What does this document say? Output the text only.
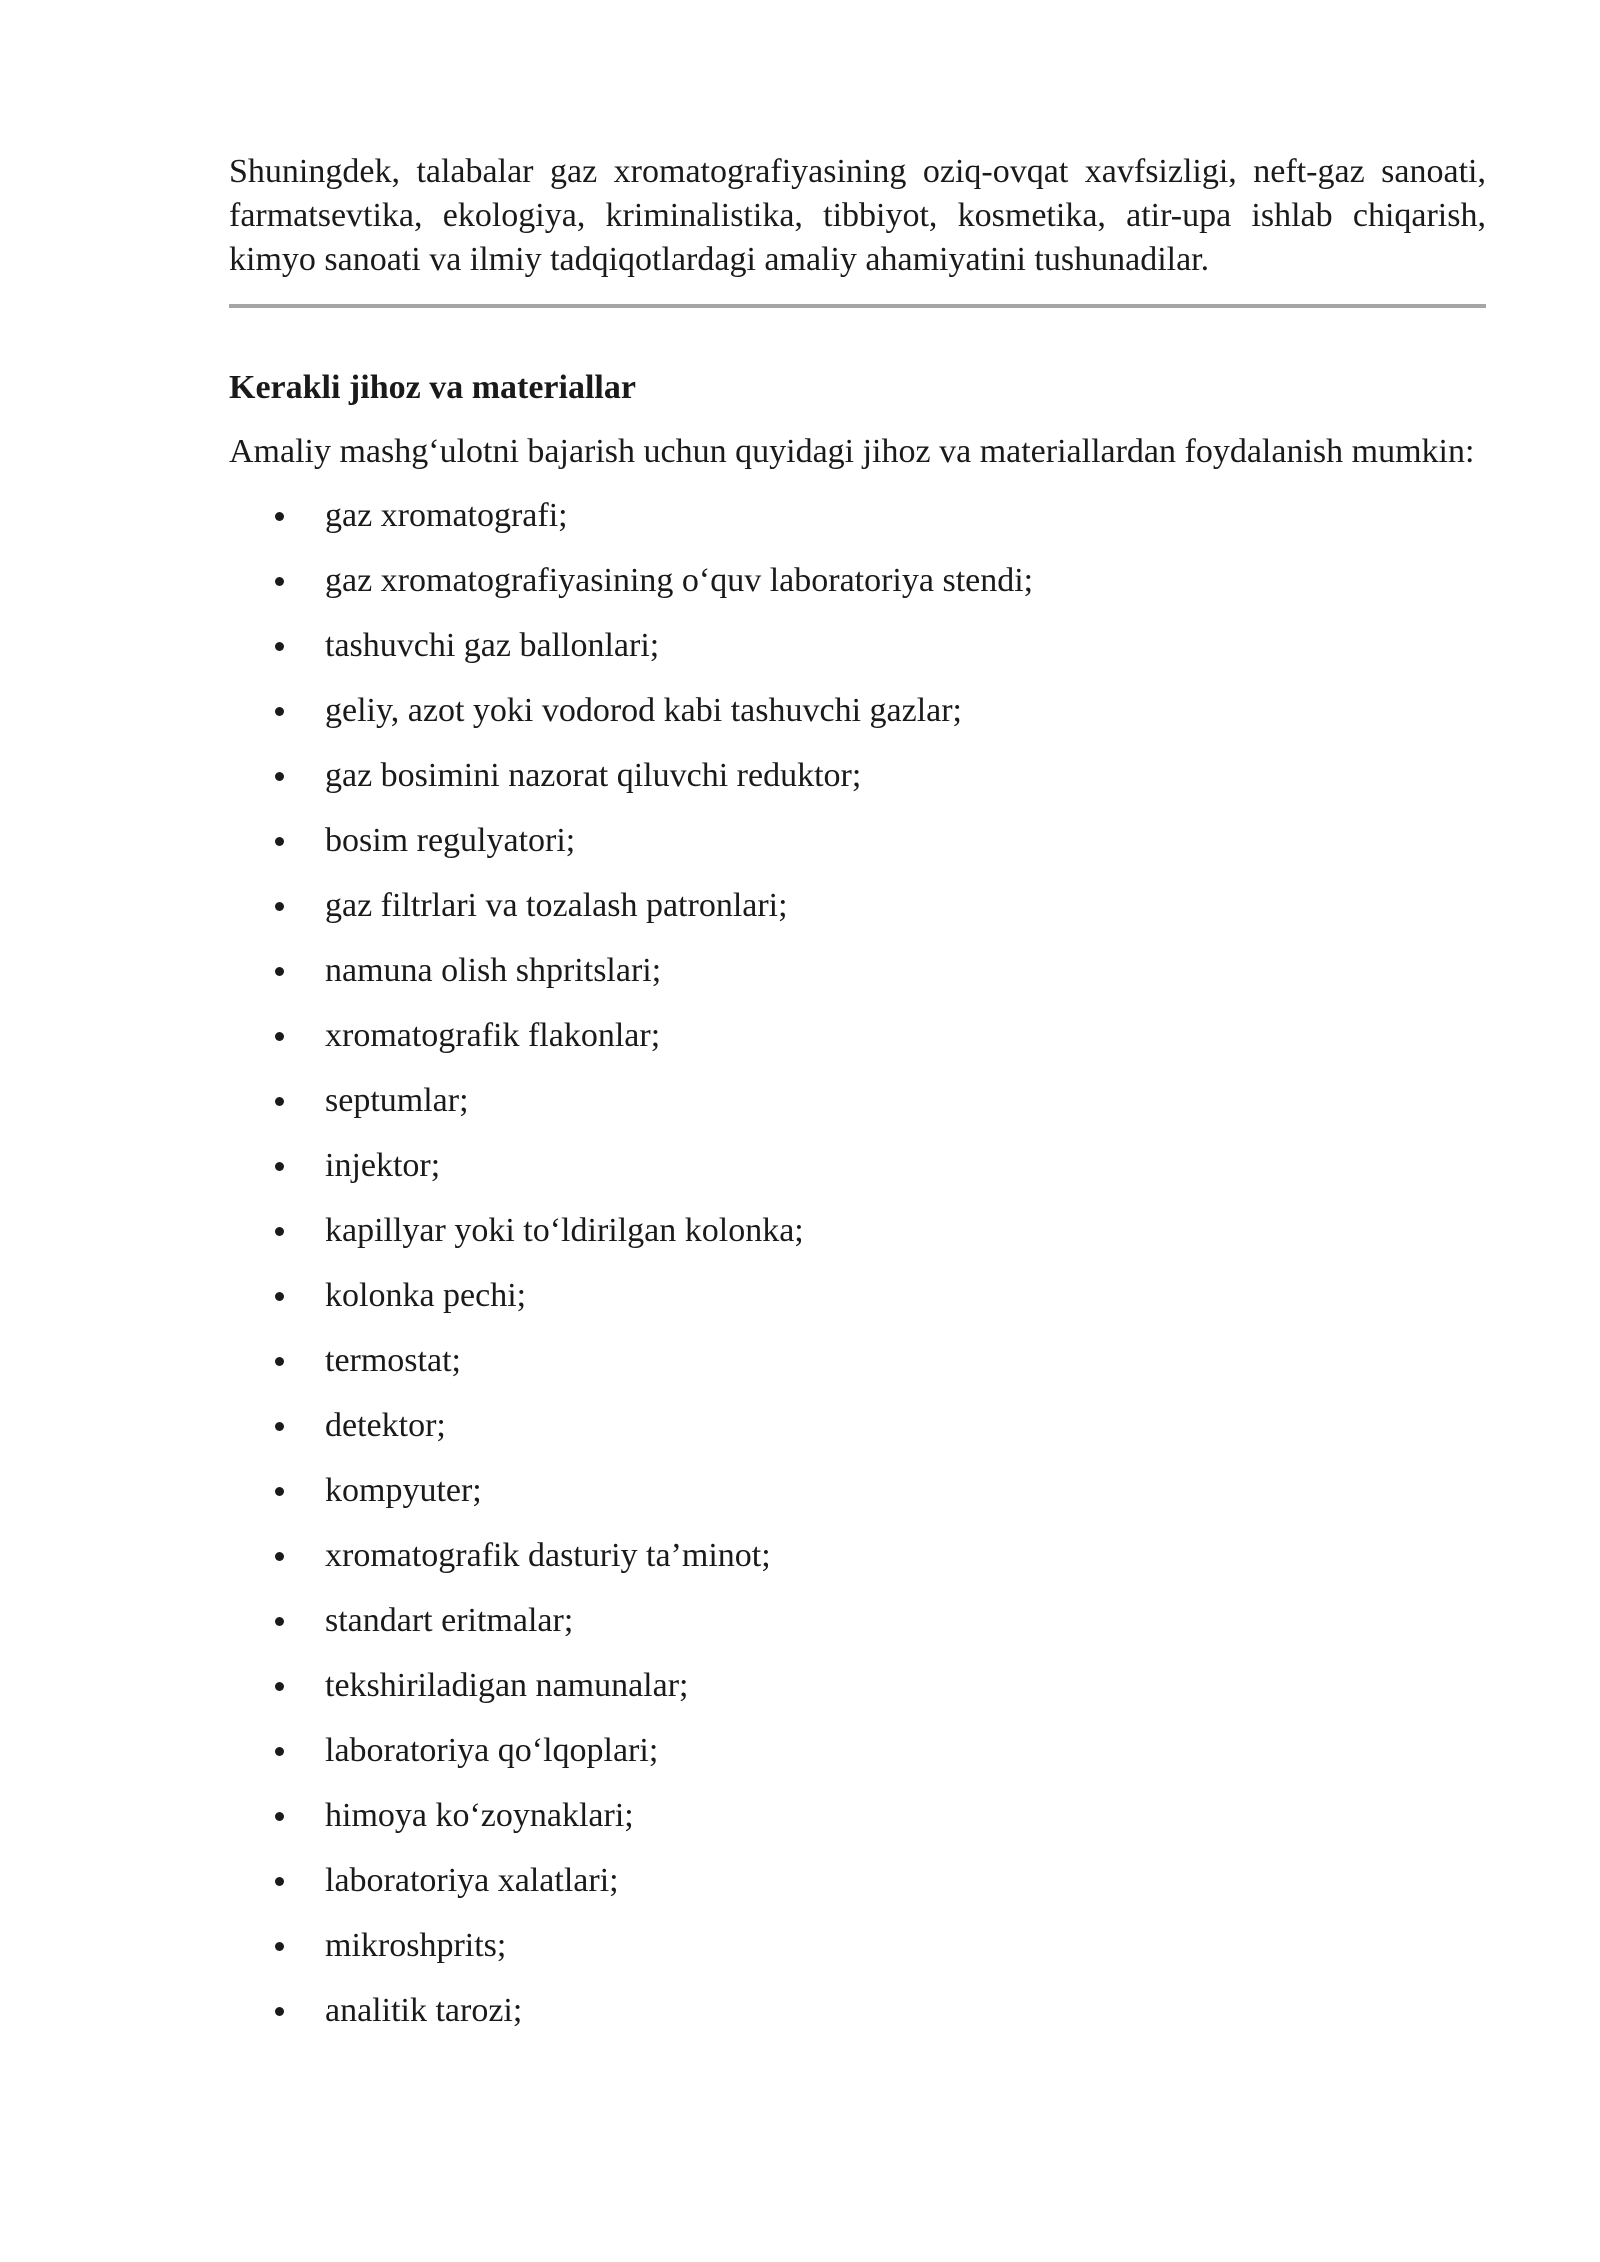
Shuningdek, talabalar gaz xromatografiyasining oziq-ovqat xavfsizligi, neft-gaz sanoati, farmatsevtika, ekologiya, kriminalistika, tibbiyot, kosmetika, atir-upa ishlab chiqarish, kimyo sanoati va ilmiy tadqiqotlardagi amaliy ahamiyatini tushunadilar.

Kerakli jihoz va materiallar

Amaliy mashg‘ulotni bajarish uchun quyidagi jihoz va materiallardan foydalanish mumkin:

gaz xromatografi;
gaz xromatografiyasining o‘quv laboratoriya stendi;
tashuvchi gaz ballonlari;
geliy, azot yoki vodorod kabi tashuvchi gazlar;
gaz bosimini nazorat qiluvchi reduktor;
bosim regulyatori;
gaz filtrlari va tozalash patronlari;
namuna olish shpritslari;
xromatografik flakonlar;
septumlar;
injektor;
kapillyar yoki to‘ldirilgan kolonka;
kolonka pechi;
termostat;
detektor;
kompyuter;
xromatografik dasturiy ta’minot;
standart eritmalar;
tekshiriladigan namunalar;
laboratoriya qo‘lqoplari;
himoya ko‘zoynaklari;
laboratoriya xalatlari;
mikroshprits;
analitik tarozi;
